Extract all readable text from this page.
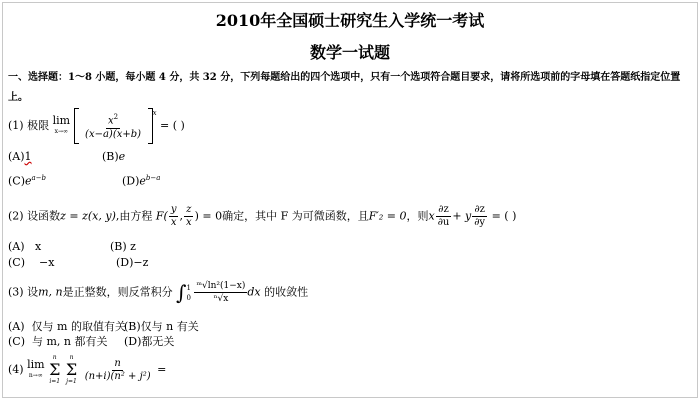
2010年全国硕士研究生入学统一考试
数学一试题
一、选择题：1～8 小题，每小题 4 分，共 32 分，下列每题给出的四个选项中，只有一个选项符合题目要求，请将所选项前的字母填在答题纸指定位置上。
(1) 极限 lim
x→∞
$\frac{x^2}{(x-a)(x+b)} ^x$ = ( )
(A)1	(B)e
$(C)e^{a-b}$	$(D)e^{b-a}$
(2) 设函数z = z(x, y),由方程 $F( \frac{y}{x}$ , $\frac{z}{x}$ ) = 0确定，其中 F 为可微函数，且F′₂ = 0，则x $\frac{\partial z}{\partial u} + y \frac{\partial z}{\partial y}$ = ( )
(A)   x	(B) z
(C)    −x	(D)−z
(3) 设m, n是正整数，则反常积分 ∫ 1
0
$\frac{\text{ᵐ√ln²(1−x)}}{\text{ⁿ√x}}$ dx 的收敛性
(A)  仅与 m 的取值有关
(B)仅与 n 有关
(C)  与 m, n 都有关 (D)都无关
(4) lim
n→∞

n
Σ
i=1

n
Σ
j=1
$\frac{n}{\text{(n+i)(n² + j²)}}$ =
